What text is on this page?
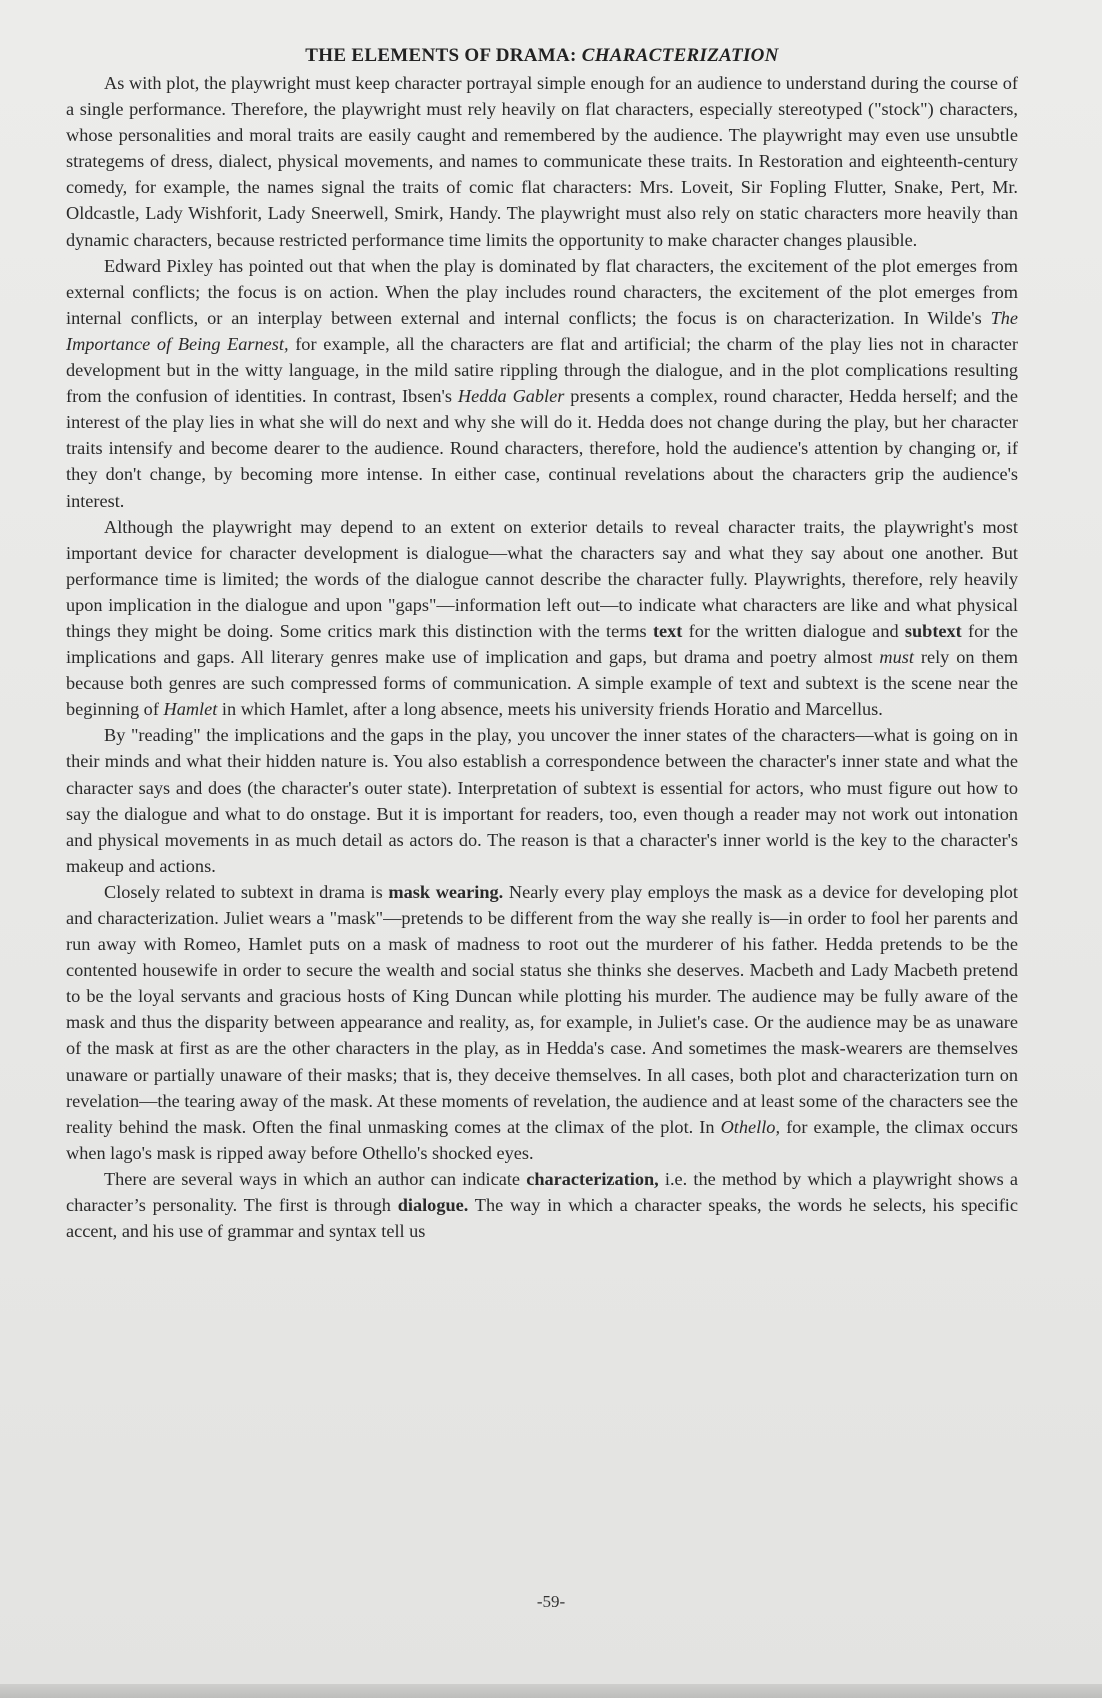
THE ELEMENTS OF DRAMA: CHARACTERIZATION

As with plot, the playwright must keep character portrayal simple enough for an audience to understand during the course of a single performance. Therefore, the playwright must rely heavily on flat characters, especially stereotyped ("stock") characters, whose personalities and moral traits are easily caught and remembered by the audience. The playwright may even use unsubtle strategems of dress, dialect, physical movements, and names to communicate these traits. In Restoration and eighteenth-century comedy, for example, the names signal the traits of comic flat characters: Mrs. Loveit, Sir Fopling Flutter, Snake, Pert, Mr. Oldcastle, Lady Wishforit, Lady Sneerwell, Smirk, Handy. The playwright must also rely on static characters more heavily than dynamic characters, because restricted performance time limits the opportunity to make character changes plausible.

Edward Pixley has pointed out that when the play is dominated by flat characters, the excitement of the plot emerges from external conflicts; the focus is on action. When the play includes round characters, the excitement of the plot emerges from internal conflicts, or an interplay between external and internal conflicts; the focus is on characterization. In Wilde's The Importance of Being Earnest, for example, all the characters are flat and artificial; the charm of the play lies not in character development but in the witty language, in the mild satire rippling through the dialogue, and in the plot complications resulting from the confusion of identities. In contrast, Ibsen's Hedda Gabler presents a complex, round character, Hedda herself; and the interest of the play lies in what she will do next and why she will do it. Hedda does not change during the play, but her character traits intensify and become dearer to the audience. Round characters, therefore, hold the audience's attention by changing or, if they don't change, by becoming more intense. In either case, continual revelations about the characters grip the audience's interest.

Although the playwright may depend to an extent on exterior details to reveal character traits, the playwright's most important device for character development is dialogue—what the characters say and what they say about one another. But performance time is limited; the words of the dialogue cannot describe the character fully. Playwrights, therefore, rely heavily upon implication in the dialogue and upon "gaps"—information left out—to indicate what characters are like and what physical things they might be doing. Some critics mark this distinction with the terms text for the written dialogue and subtext for the implications and gaps. All literary genres make use of implication and gaps, but drama and poetry almost must rely on them because both genres are such compressed forms of communication. A simple example of text and subtext is the scene near the beginning of Hamlet in which Hamlet, after a long absence, meets his university friends Horatio and Marcellus.

By "reading" the implications and the gaps in the play, you uncover the inner states of the characters—what is going on in their minds and what their hidden nature is. You also establish a correspondence between the character's inner state and what the character says and does (the character's outer state). Interpretation of subtext is essential for actors, who must figure out how to say the dialogue and what to do onstage. But it is important for readers, too, even though a reader may not work out intonation and physical movements in as much detail as actors do. The reason is that a character's inner world is the key to the character's makeup and actions.

Closely related to subtext in drama is mask wearing. Nearly every play employs the mask as a device for developing plot and characterization. Juliet wears a "mask"—pretends to be different from the way she really is—in order to fool her parents and run away with Romeo, Hamlet puts on a mask of madness to root out the murderer of his father. Hedda pretends to be the contented housewife in order to secure the wealth and social status she thinks she deserves. Macbeth and Lady Macbeth pretend to be the loyal servants and gracious hosts of King Duncan while plotting his murder. The audience may be fully aware of the mask and thus the disparity between appearance and reality, as, for example, in Juliet's case. Or the audience may be as unaware of the mask at first as are the other characters in the play, as in Hedda's case. And sometimes the mask-wearers are themselves unaware or partially unaware of their masks; that is, they deceive themselves. In all cases, both plot and characterization turn on revelation—the tearing away of the mask. At these moments of revelation, the audience and at least some of the characters see the reality behind the mask. Often the final unmasking comes at the climax of the plot. In Othello, for example, the climax occurs when lago's mask is ripped away before Othello's shocked eyes.

There are several ways in which an author can indicate characterization, i.e. the method by which a playwright shows a character’s personality. The first is through dialogue. The way in which a character speaks, the words he selects, his specific accent, and his use of grammar and syntax tell us

-59-
